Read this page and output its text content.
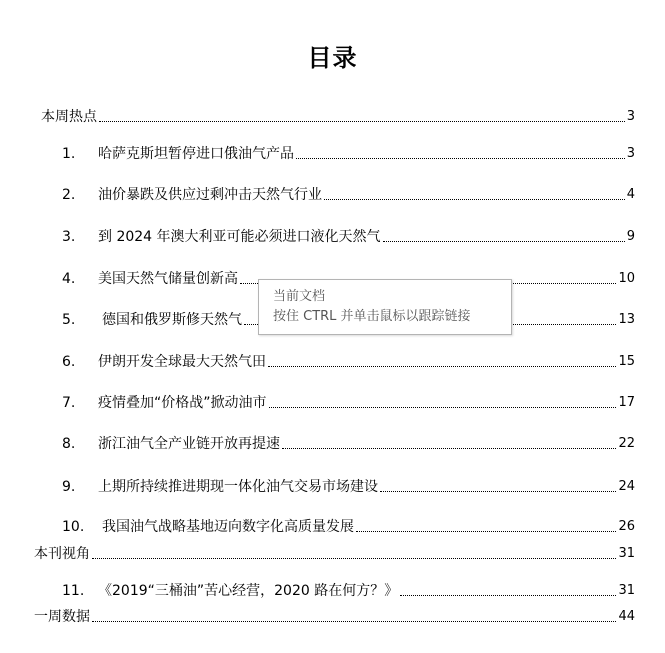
目录
本周热点	3
1.	哈萨克斯坦暂停进口俄油气产品	3
2.	油价暴跌及供应过剩冲击天然气行业	4
3.	到 2024 年澳大利亚可能必须进口液化天然气	9
4.	美国天然气储量创新高	10
5.	德国和俄罗斯修天然气	13
6.	伊朗开发全球最大天然气田	15
7.	疫情叠加“价格战”掀动油市	17
8.	浙江油气全产业链开放再提速	22
9.	上期所持续推进期现一体化油气交易市场建设	24
10.	我国油气战略基地迈向数字化高质量发展	26
本刊视角	31
11. 《2019“三桶油”苦心经营，2020 路在何方？》	31
一周数据	44
当前文档
按住 CTRL 并单击鼠标以跟踪链接
